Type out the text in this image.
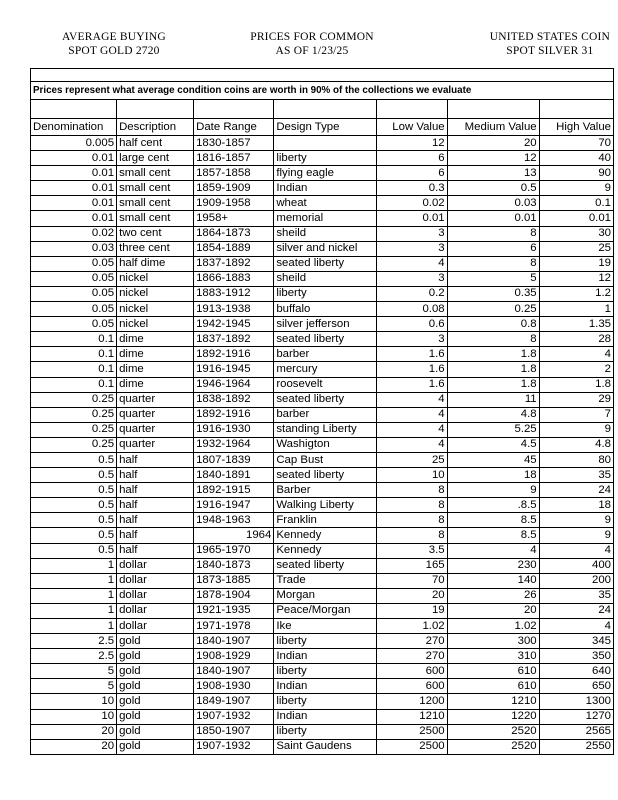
AVERAGE BUYING
SPOT GOLD 2720
PRICES FOR COMMON
AS OF 1/23/25
UNITED STATES COIN
SPOT SILVER 31
Prices represent what average condition coins are worth in 90% of the collections we evaluate

Denomination	Description	Date Range	Design Type	Low Value	Medium Value	High Value
0.005	half cent	1830-1857		12	20	70
0.01	large cent	1816-1857	liberty	6	12	40
0.01	small cent	1857-1858	flying eagle	6	13	90
0.01	small cent	1859-1909	Indian	0.3	0.5	9
0.01	small cent	1909-1958	wheat	0.02	0.03	0.1
0.01	small cent	1958+	memorial	0.01	0.01	0.01
0.02	two cent	1864-1873	sheild	3	8	30
0.03	three cent	1854-1889	silver and nickel	3	6	25
0.05	half dime	1837-1892	seated liberty	4	8	19
0.05	nickel	1866-1883	sheild	3	5	12
0.05	nickel	1883-1912	liberty	0.2	0.35	1.2
0.05	nickel	1913-1938	buffalo	0.08	0.25	1
0.05	nickel	1942-1945	silver jefferson	0.6	0.8	1.35
0.1	dime	1837-1892	seated liberty	3	8	28
0.1	dime	1892-1916	barber	1.6	1.8	4
0.1	dime	1916-1945	mercury	1.6	1.8	2
0.1	dime	1946-1964	roosevelt	1.6	1.8	1.8
0.25	quarter	1838-1892	seated liberty	4	11	29
0.25	quarter	1892-1916	barber	4	4.8	7
0.25	quarter	1916-1930	standing Liberty	4	5.25	9
0.25	quarter	1932-1964	Washigton	4	4.5	4.8
0.5	half	1807-1839	Cap Bust	25	45	80
0.5	half	1840-1891	seated liberty	10	18	35
0.5	half	1892-1915	Barber	8	9	24
0.5	half	1916-1947	Walking Liberty	8	.8.5	18
0.5	half	1948-1963	Franklin	8	8.5	9
0.5	half	1964	Kennedy	8	8.5	9
0.5	half	1965-1970	Kennedy	3.5	4	4
1	dollar	1840-1873	seated liberty	165	230	400
1	dollar	1873-1885	Trade	70	140	200
1	dollar	1878-1904	Morgan	20	26	35
1	dollar	1921-1935	Peace/Morgan	19	20	24
1	dollar	1971-1978	Ike	1.02	1.02	4
2.5	gold	1840-1907	liberty	270	300	345
2.5	gold	1908-1929	Indian	270	310	350
5	gold	1840-1907	liberty	600	610	640
5	gold	1908-1930	Indian	600	610	650
10	gold	1849-1907	liberty	1200	1210	1300
10	gold	1907-1932	Indian	1210	1220	1270
20	gold	1850-1907	liberty	2500	2520	2565
20	gold	1907-1932	Saint Gaudens	2500	2520	2550
